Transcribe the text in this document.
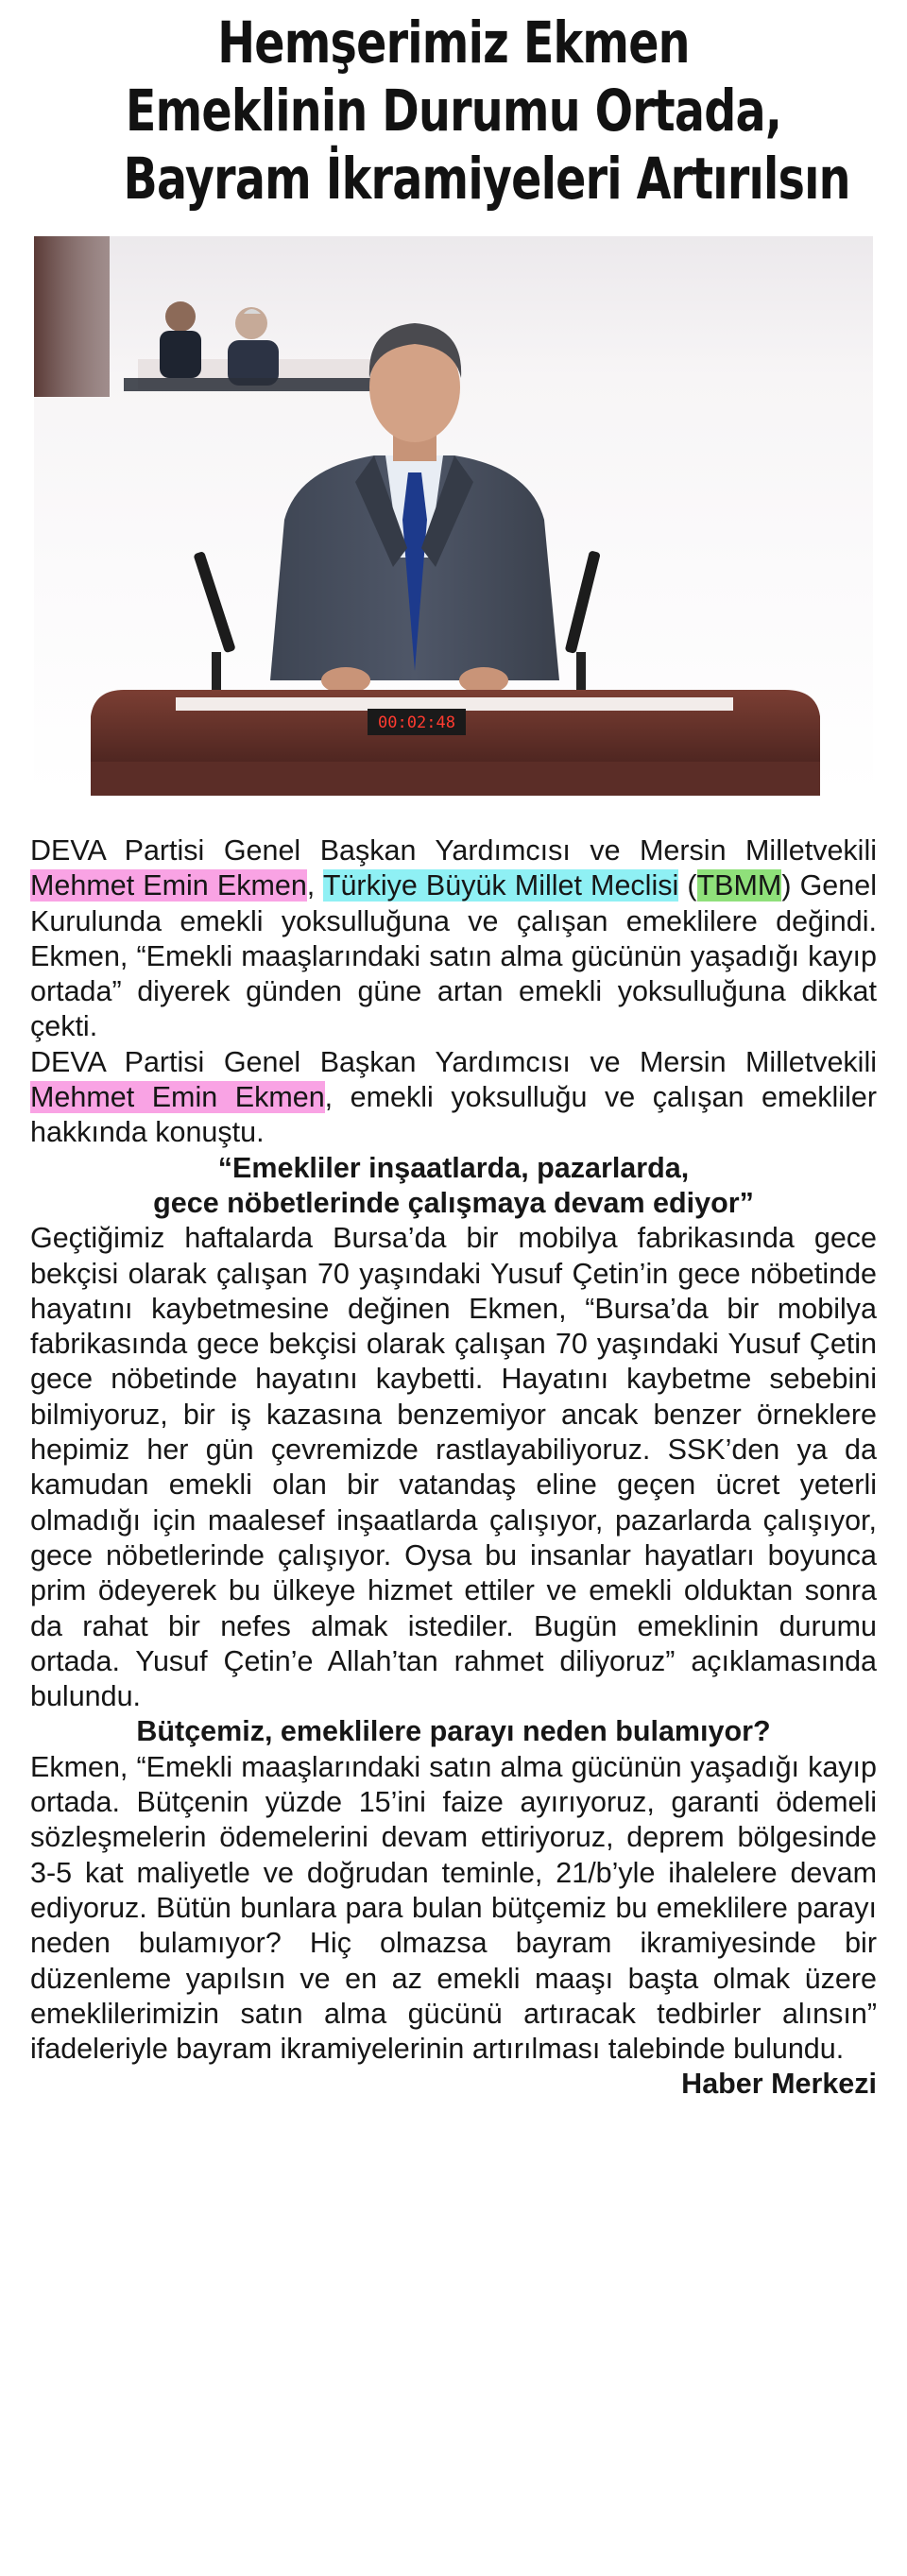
Hemşerimiz Ekmen
Emeklinin Durumu Ortada,
Bayram İkramiyeleri Artırılsın
00:02:48

DEVA Partisi Genel Başkan Yardımcısı ve Mersin Milletvekili Mehmet Emin Ekmen, Türkiye Büyük Millet Meclisi (TBMM) Genel Kurulunda emekli yoksulluğuna ve çalışan emeklilere değindi. Ekmen, “Emekli maaşlarındaki satın alma gücünün yaşadığı kayıp ortada” diyerek günden güne artan emekli yoksulluğuna dikkat çekti.

DEVA Partisi Genel Başkan Yardımcısı ve Mersin Milletvekili Mehmet Emin Ekmen, emekli yoksulluğu ve çalışan emekliler hakkında konuştu.

“Emekliler inşaatlarda, pazarlarda,
gece nöbetlerinde çalışmaya devam ediyor”

Geçtiğimiz haftalarda Bursa’da bir mobilya fabrikasında gece bekçisi olarak çalışan 70 yaşındaki Yusuf Çetin’in gece nöbetinde hayatını kaybetmesine değinen Ekmen, “Bursa’da bir mobilya fabrikasında gece bekçisi olarak çalışan 70 yaşındaki Yusuf Çetin gece nöbetinde hayatını kaybetti. Hayatını kaybetme sebebini bilmiyoruz, bir iş kazasına benzemiyor ancak benzer örneklere hepimiz her gün çevremizde rastlayabiliyoruz. SSK’den ya da kamudan emekli olan bir vatandaş eline geçen ücret yeterli olmadığı için maalesef inşaatlarda çalışıyor, pazarlarda çalışıyor, gece nöbetlerinde çalışıyor. Oysa bu insanlar hayatları boyunca prim ödeyerek bu ülkeye hizmet ettiler ve emekli olduktan sonra da rahat bir nefes almak istediler. Bugün emeklinin durumu ortada. Yusuf Çetin’e Allah’tan rahmet diliyoruz” açıklamasında bulundu.

Bütçemiz, emeklilere parayı neden bulamıyor?

Ekmen, “Emekli maaşlarındaki satın alma gücünün yaşadığı kayıp ortada. Bütçenin yüzde 15’ini faize ayırıyoruz, garanti ödemeli sözleşmelerin ödemelerini devam ettiriyoruz, deprem bölgesinde 3-5 kat maliyetle ve doğrudan teminle, 21/b’yle ihalelere devam ediyoruz. Bütün bunlara para bulan bütçemiz bu emeklilere parayı neden bulamıyor? Hiç olmazsa bayram ikramiyesinde bir düzenleme yapılsın ve en az emekli maaşı başta olmak üzere emeklilerimizin satın alma gücünü artıracak tedbirler alınsın” ifadeleriyle bayram ikramiyelerinin artırılması talebinde bulundu.
Haber Merkezi
